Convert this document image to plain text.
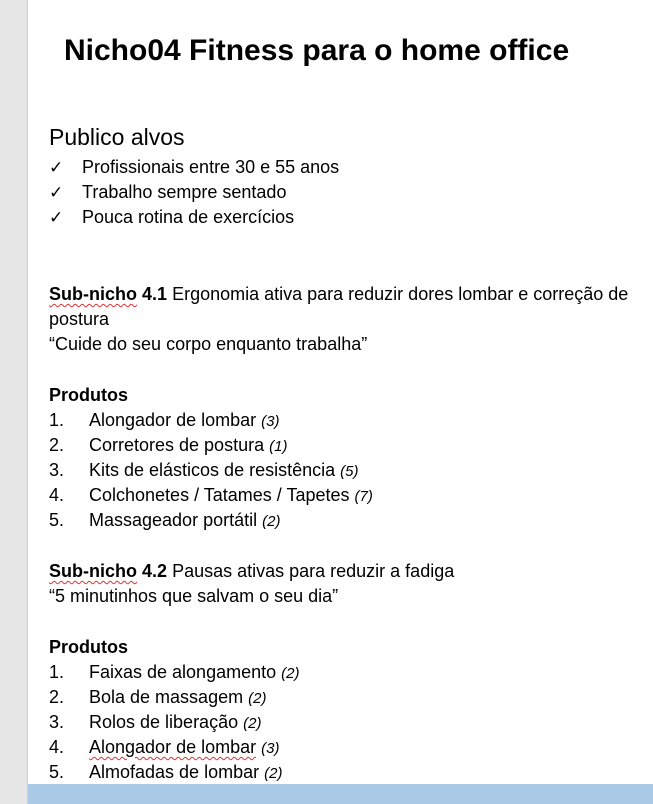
Nicho04 Fitness para o home office
Publico alvos
✓ Profissionais entre 30 e 55 anos
✓ Trabalho sempre sentado
✓ Pouca rotina de exercícios
Sub-nicho 4.1 Ergonomia ativa para reduzir dores lombar e correção de postura
“Cuide do seu corpo enquanto trabalha”
Produtos
1. Alongador de lombar (3)
2. Corretores de postura (1)
3. Kits de elásticos de resistência (5)
4. Colchonetes / Tatames / Tapetes (7)
5. Massageador portátil (2)
Sub-nicho 4.2 Pausas ativas para reduzir a fadiga
“5 minutinhos que salvam o seu dia”
Produtos
1. Faixas de alongamento (2)
2. Bola de massagem (2)
3. Rolos de liberação (2)
4. Alongador de lombar (3)
5. Almofadas de lombar (2)
